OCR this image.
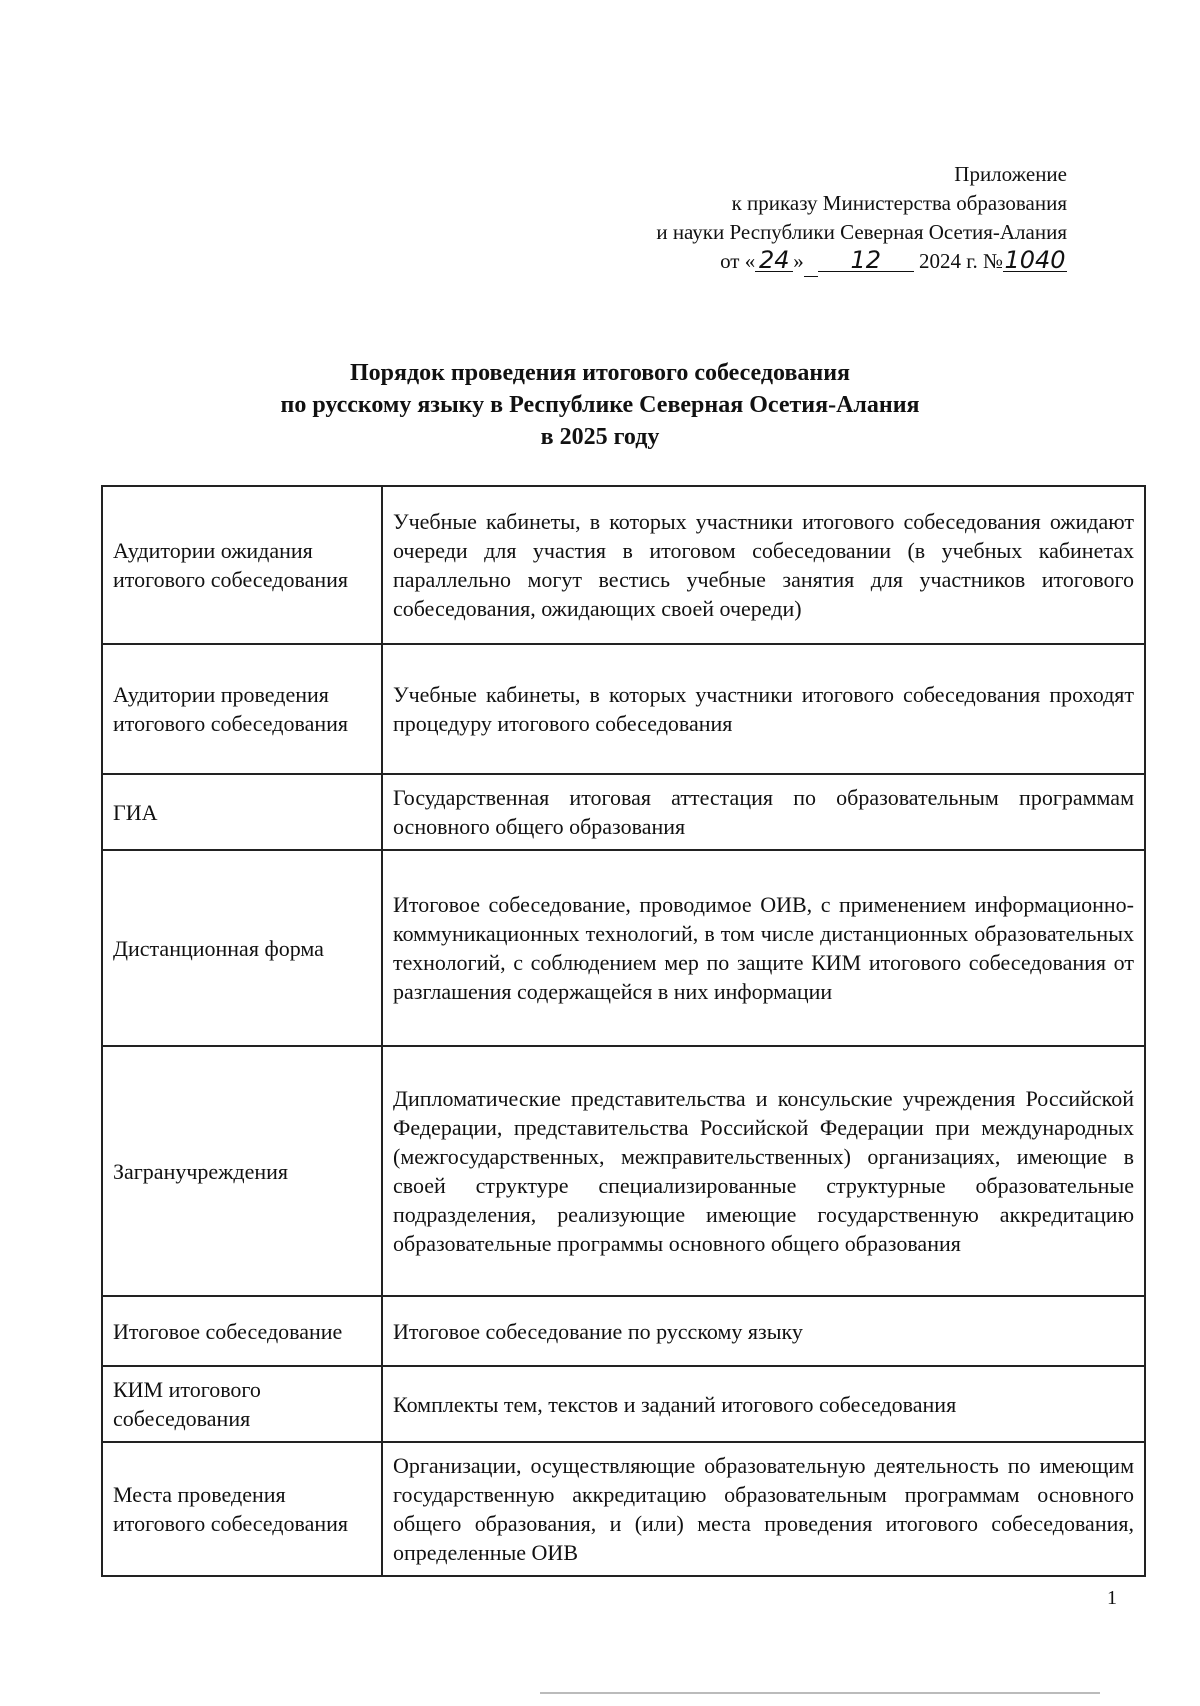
Приложение
к приказу Министерства образования
и науки Республики Северная Осетия-Алания
от « 24 » 12 2024 г. №1040
Порядок проведения итогового собеседования
по русскому языку в Республике Северная Осетия-Алания
в 2025 году
Аудитории ожидания итогового собеседования	Учебные кабинеты, в которых участники итогового собеседования ожидают очереди для участия в итоговом собеседовании (в учебных кабинетах параллельно могут вестись учебные занятия для участников итогового собеседования, ожидающих своей очереди)
Аудитории проведения итогового собеседования	Учебные кабинеты, в которых участники итогового собеседования проходят процедуру итогового собеседования
ГИА	Государственная итоговая аттестация по образовательным программам основного общего образования
Дистанционная форма	Итоговое собеседование, проводимое ОИВ, с применением информационно- коммуникационных технологий, в том числе дистанционных образовательных технологий, с соблюдением мер по защите КИМ итогового собеседования от разглашения содержащейся в них информации
Загранучреждения	Дипломатические представительства и консульские учреждения Российской Федерации, представительства Российской Федерации при международных (межгосударственных, межправительственных) организациях, имеющие в своей структуре специализированные структурные образовательные подразделения, реализующие имеющие государственную аккредитацию образовательные программы основного общего образования
Итоговое собеседование	Итоговое собеседование по русскому языку
КИМ итогового собеседования	Комплекты тем, текстов и заданий итогового собеседования
Места проведения итогового собеседования	Организации, осуществляющие образовательную деятельность по имеющим государственную аккредитацию образовательным программам основного общего образования, и (или) места проведения итогового собеседования, определенные ОИВ
1
